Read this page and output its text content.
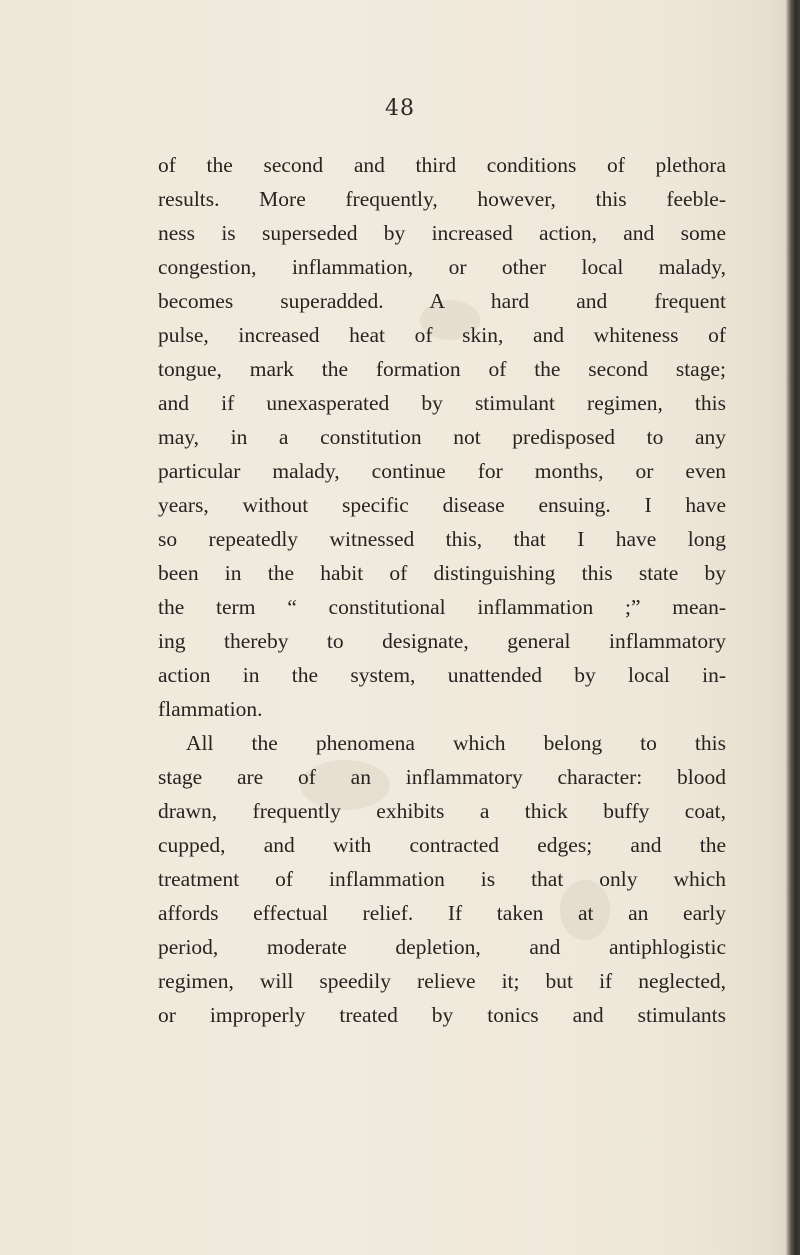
48
of the second and third conditions of plethora
results. More frequently, however, this feeble-
ness is superseded by increased action, and some
congestion, inflammation, or other local malady,
becomes superadded. A hard and frequent
pulse, increased heat of skin, and whiteness of
tongue, mark the formation of the second stage;
and if unexasperated by stimulant regimen, this
may, in a constitution not predisposed to any
particular malady, continue for months, or even
years, without specific disease ensuing. I have
so repeatedly witnessed this, that I have long
been in the habit of distinguishing this state by
the term “ constitutional inflammation ;” mean-
ing thereby to designate, general inflammatory
action in the system, unattended by local in-
flammation.
All the phenomena which belong to this
stage are of an inflammatory character: blood
drawn, frequently exhibits a thick buffy coat,
cupped, and with contracted edges; and the
treatment of inflammation is that only which
affords effectual relief. If taken at an early
period, moderate depletion, and antiphlogistic
regimen, will speedily relieve it; but if neglected,
or improperly treated by tonics and stimulants
